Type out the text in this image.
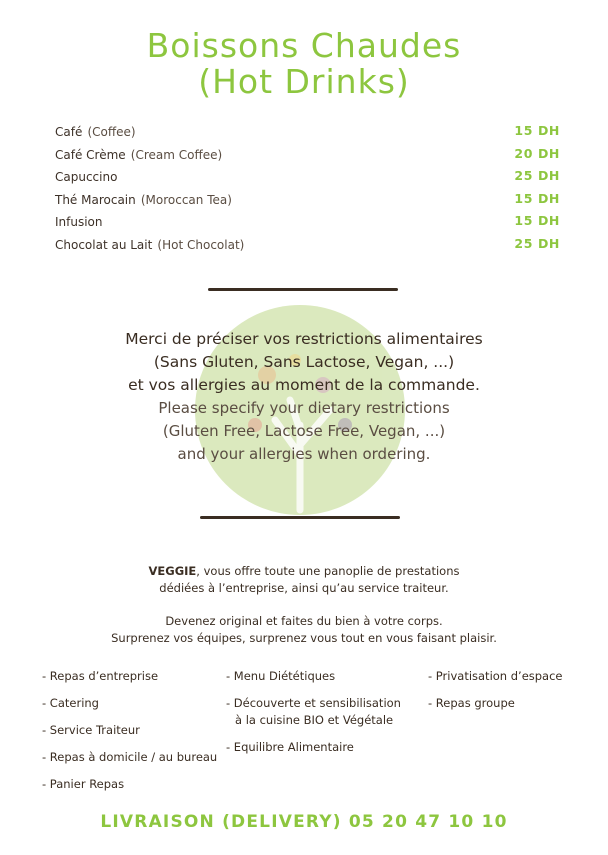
Boissons Chaudes
(Hot Drinks)
Café (Coffee)	15 DH
Café Crème (Cream Coffee)	20 DH
Capuccino	25 DH
Thé Marocain (Moroccan Tea)	15 DH
Infusion	15 DH
Chocolat au Lait (Hot Chocolat)	25 DH
Merci de préciser vos restrictions alimentaires
(Sans Gluten, Sans Lactose, Vegan, ...)
et vos allergies au moment de la commande.
Please specify your dietary restrictions
(Gluten Free, Lactose Free, Vegan, ...)
and your allergies when ordering.
VEGGIE, vous offre toute une panoplie de prestations
dédiées à l’entreprise, ainsi qu’au service traiteur.
Devenez original et faites du bien à votre corps.
Surprenez vos équipes, surprenez vous tout en vous faisant plaisir.
- Repas d’entreprise
- Catering
- Service Traiteur
- Repas à domicile / au bureau
- Panier Repas
- Menu Diététiques
- Découverte et sensibilisation
à la cuisine BIO et Végétale
- Equilibre Alimentaire
- Privatisation d’espace
- Repas groupe
LIVRAISON (DELIVERY) 05 20 47 10 10
